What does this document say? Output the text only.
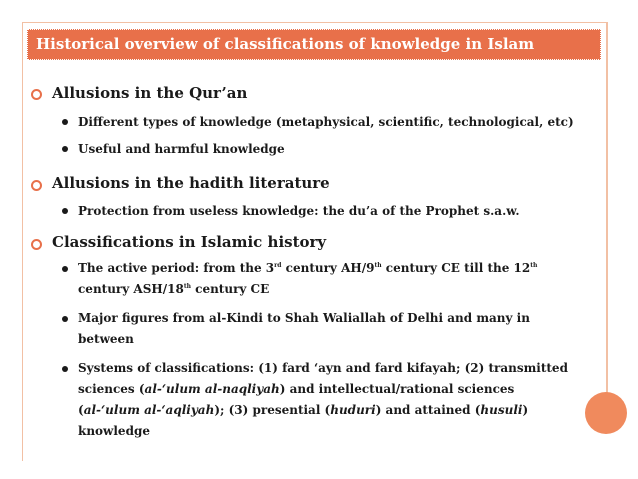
Historical overview of classifications of knowledge in Islam
Allusions in the Qur’an
Different types of knowledge (metaphysical, scientific, technological, etc)
Useful and harmful knowledge
Allusions in the hadith literature
Protection from useless knowledge: the du’a of the Prophet s.a.w.
Classifications in Islamic history
The active period: from the 3rd century AH/9th century CE till the 12th
century ASH/18th century CE
Major figures from al-Kindi to Shah Waliallah of Delhi and many in
between
Systems of classifications: (1) fard ‘ayn and fard kifayah; (2) transmitted
sciences (al-‘ulum al-naqliyah) and intellectual/rational sciences
(al-‘ulum al-‘aqliyah); (3) presential (huduri) and attained (husuli)
knowledge
